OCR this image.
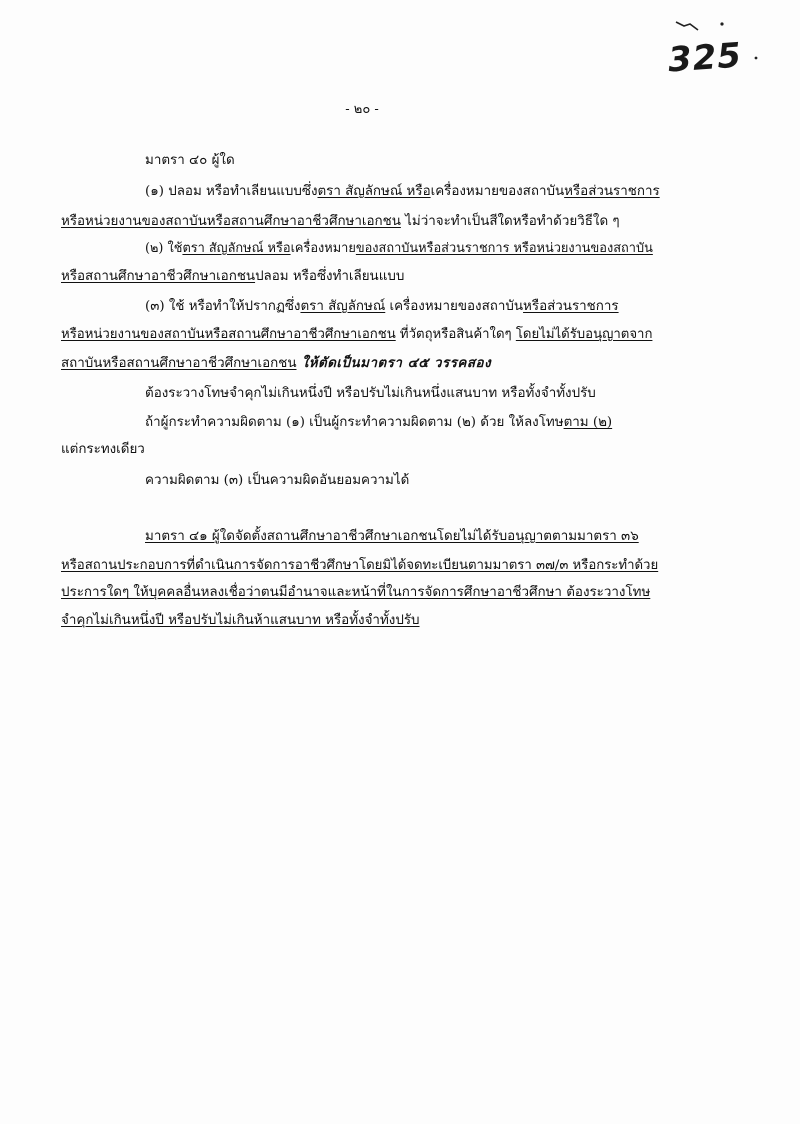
325
- ๒๐ -
มาตรา ๔๐ ผู้ใด
(๑) ปลอม หรือทำเลียนแบบซึ่งตรา สัญลักษณ์ หรือเครื่องหมายของสถาบันหรือส่วนราชการ
หรือหน่วยงานของสถาบันหรือสถานศึกษาอาชีวศึกษาเอกชน ไม่ว่าจะทำเป็นสีใดหรือทำด้วยวิธีใด ๆ
(๒) ใช้ตรา สัญลักษณ์ หรือเครื่องหมายของสถาบันหรือส่วนราชการ หรือหน่วยงานของสถาบัน
หรือสถานศึกษาอาชีวศึกษาเอกชนปลอม หรือซึ่งทำเลียนแบบ
(๓) ใช้ หรือทำให้ปรากฏซึ่งตรา สัญลักษณ์ เครื่องหมายของสถาบันหรือส่วนราชการ
หรือหน่วยงานของสถาบันหรือสถานศึกษาอาชีวศึกษาเอกชน ที่วัตถุหรือสินค้าใดๆ โดยไม่ได้รับอนุญาตจาก
สถาบันหรือสถานศึกษาอาชีวศึกษาเอกชน ให้ตัดเป็นมาตรา ๔๕ วรรคสอง
ต้องระวางโทษจำคุกไม่เกินหนึ่งปี หรือปรับไม่เกินหนึ่งแสนบาท หรือทั้งจำทั้งปรับ
ถ้าผู้กระทำความผิดตาม (๑) เป็นผู้กระทำความผิดตาม (๒) ด้วย ให้ลงโทษตาม (๒)
แต่กระทงเดียว
ความผิดตาม (๓) เป็นความผิดอันยอมความได้
มาตรา ๔๑ ผู้ใดจัดตั้งสถานศึกษาอาชีวศึกษาเอกชนโดยไม่ได้รับอนุญาตตามมาตรา ๓๖
หรือสถานประกอบการที่ดำเนินการจัดการอาชีวศึกษาโดยมิได้จดทะเบียนตามมาตรา ๓๗/๓ หรือกระทำด้วย
ประการใดๆ ให้บุคคลอื่นหลงเชื่อว่าตนมีอำนาจและหน้าที่ในการจัดการศึกษาอาชีวศึกษา ต้องระวางโทษ
จำคุกไม่เกินหนึ่งปี หรือปรับไม่เกินห้าแสนบาท หรือทั้งจำทั้งปรับ
